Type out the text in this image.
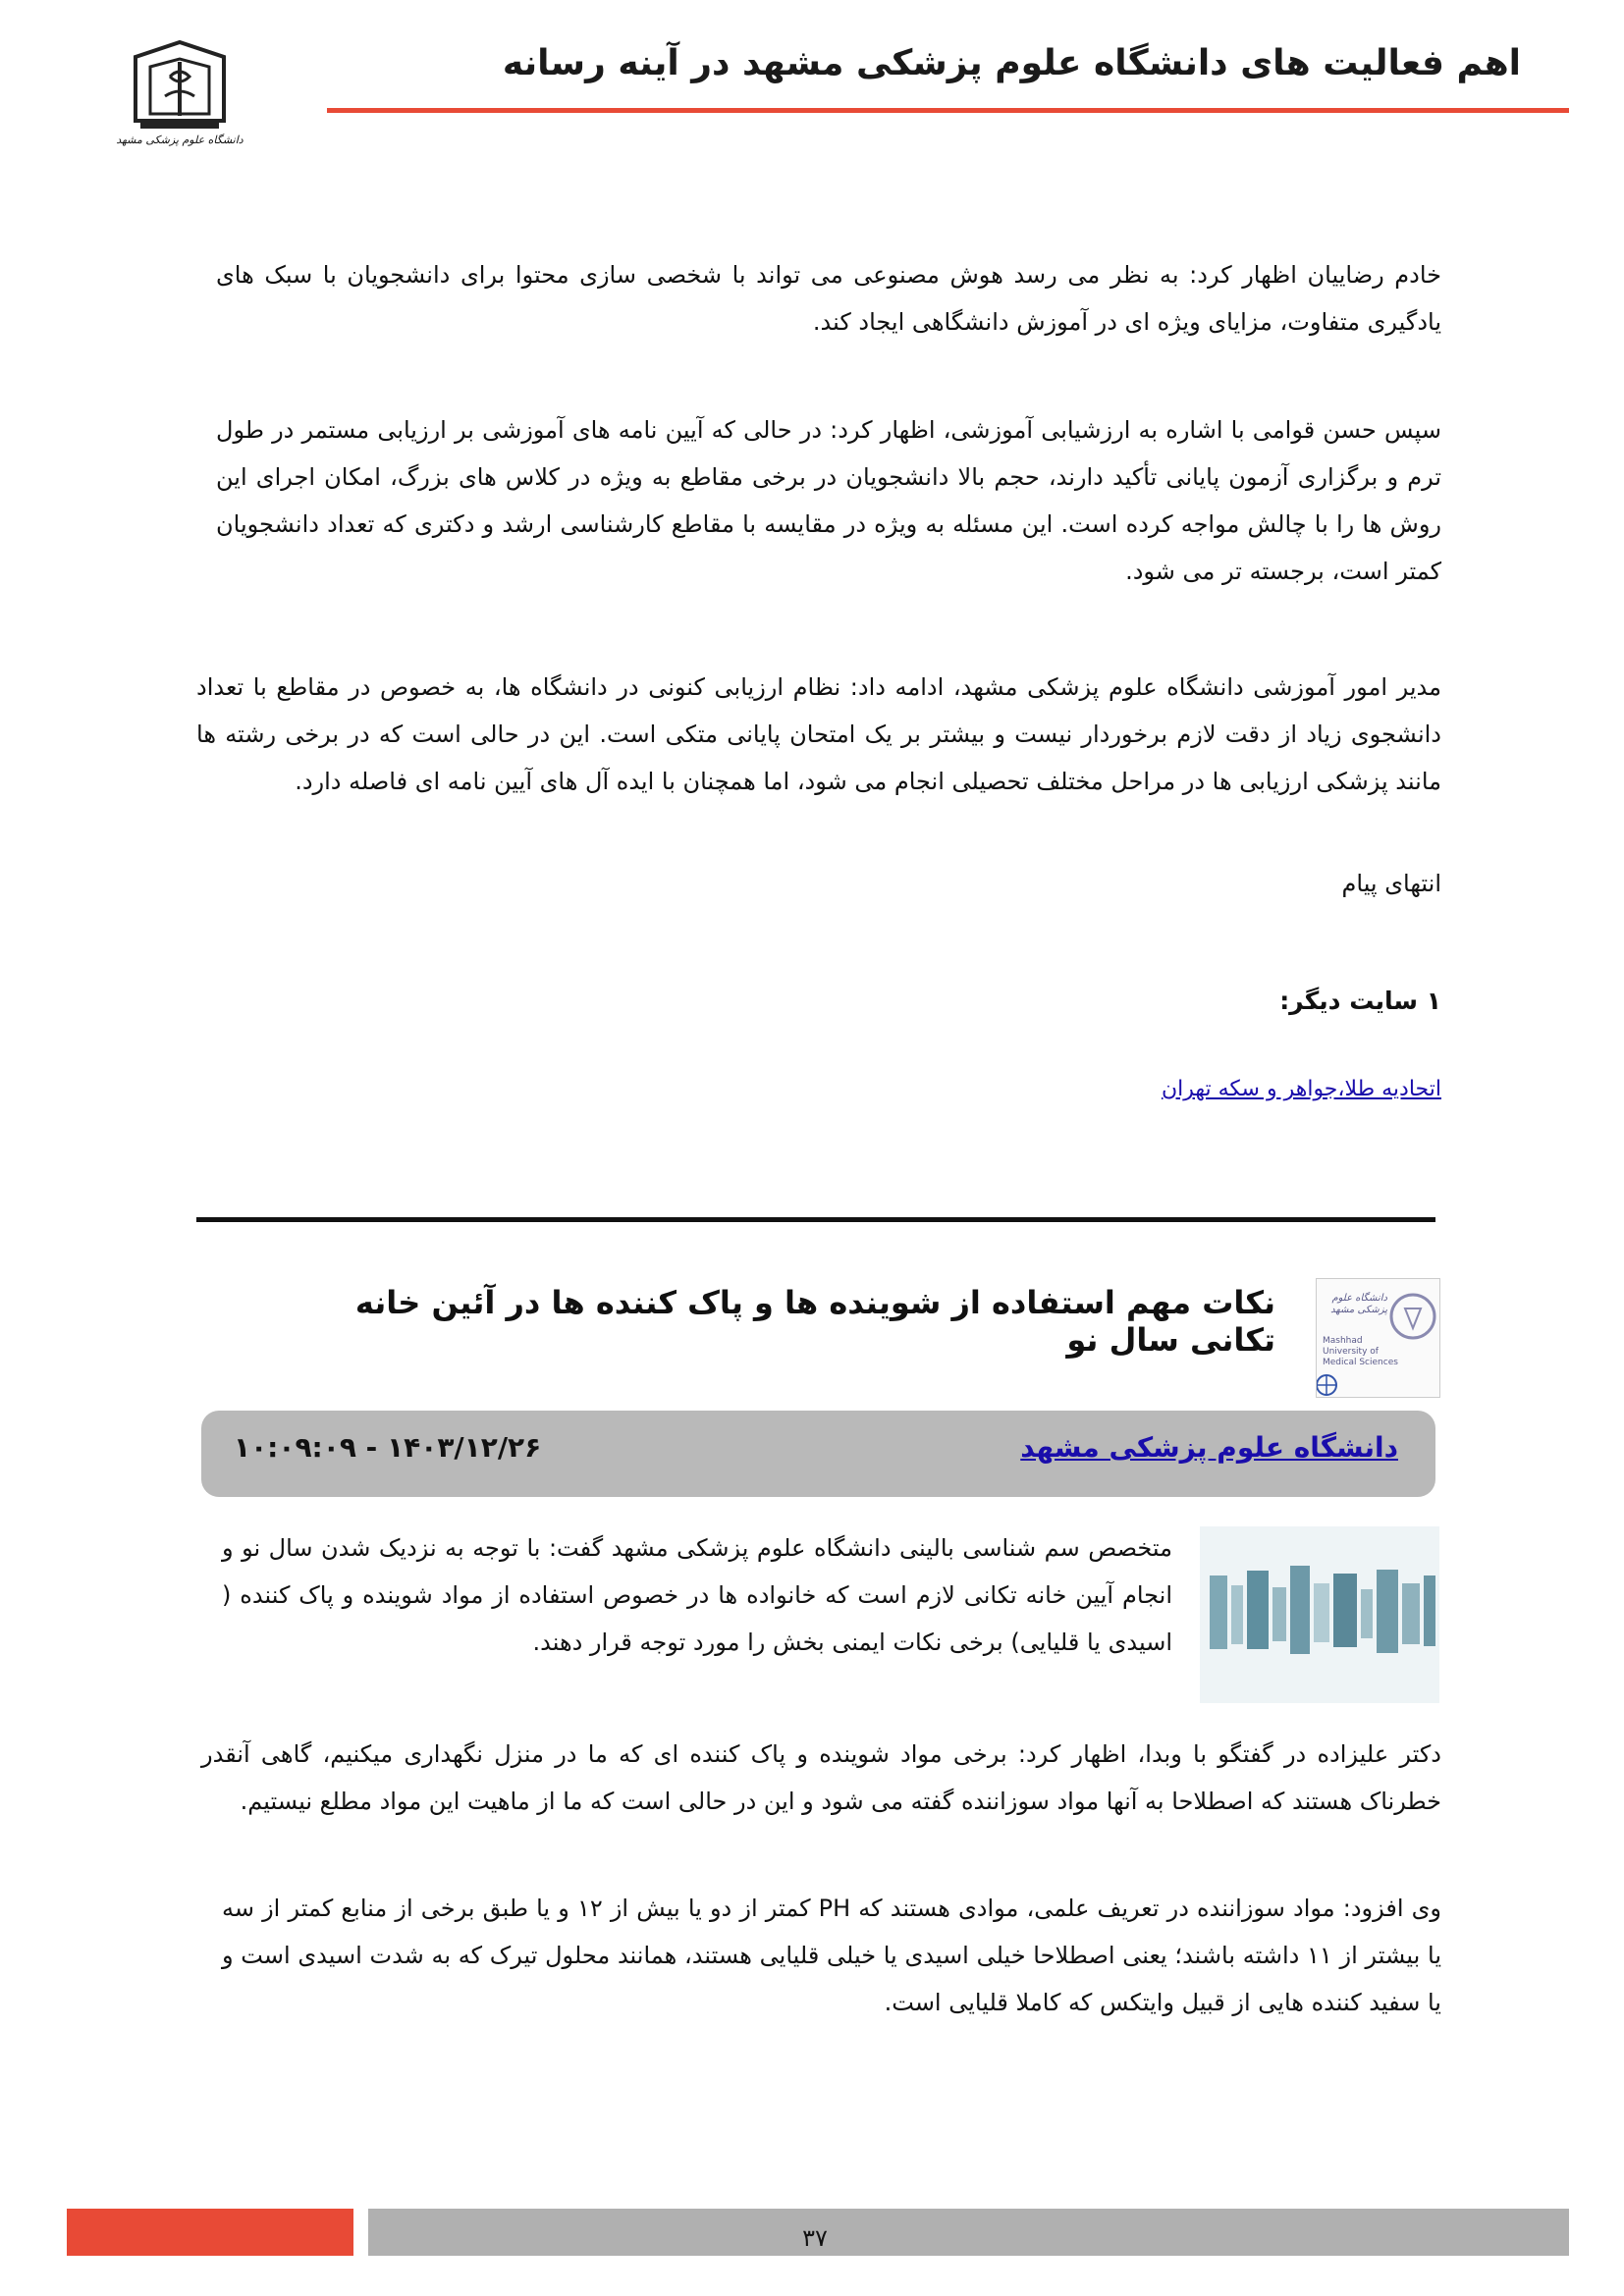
دانشگاه علوم پزشکی مشهد
اهم فعالیت های دانشگاه علوم پزشکی مشهد در آینه رسانه
خادم رضاییان اظهار کرد: به نظر می رسد هوش مصنوعی می تواند با شخصی سازی محتوا برای دانشجویان با سبک های یادگیری متفاوت، مزایای ویژه ای در آموزش دانشگاهی ایجاد کند.
سپس حسن قوامی با اشاره به ارزشیابی آموزشی، اظهار کرد: در حالی که آیین نامه های آموزشی بر ارزیابی مستمر در طول ترم و برگزاری آزمون پایانی تأکید دارند، حجم بالا دانشجویان در برخی مقاطع به ویژه در کلاس های بزرگ، امکان اجرای این روش ها را با چالش مواجه کرده است. این مسئله به ویژه در مقایسه با مقاطع کارشناسی ارشد و دکتری که تعداد دانشجویان کمتر است، برجسته تر می شود.
مدیر امور آموزشی دانشگاه علوم پزشکی مشهد، ادامه داد: نظام ارزیابی کنونی در دانشگاه ها، به خصوص در مقاطع با تعداد دانشجوی زیاد از دقت لازم برخوردار نیست و بیشتر بر یک امتحان پایانی متکی است. این در حالی است که در برخی رشته ها مانند پزشکی ارزیابی ها در مراحل مختلف تحصیلی انجام می شود، اما همچنان با ایده آل های آیین نامه ای فاصله دارد.
انتهای پیام
۱ سایت دیگر:
اتحادیه طلا،جواهر و سکه تهران
دانشگاه علوم پزشکی مشهد
Mashhad University of Medical Sciences
نکات مهم استفاده از شوینده ها و پاک کننده ها در آئین خانه تکانی سال نو
دانشگاه علوم پزشکی مشهد
۱۴۰۳/۱۲/۲۶ - ۱۰:۰۹:۰۹
متخصص سم شناسی بالینی دانشگاه علوم پزشکی مشهد گفت: با توجه به نزدیک شدن سال نو و انجام آیین خانه تکانی لازم است که خانواده ها در خصوص استفاده از مواد شوینده و پاک کننده ( اسیدی یا قلیایی) برخی نکات ایمنی بخش را مورد توجه قرار دهند.
دکتر علیزاده در گفتگو با وبدا، اظهار کرد: برخی مواد شوینده و پاک کننده ای که ما در منزل نگهداری میکنیم، گاهی آنقدر خطرناک هستند که اصطلاحا به آنها مواد سوزاننده گفته می شود و این در حالی است که ما از ماهیت این مواد مطلع نیستیم.
وی افزود: مواد سوزاننده در تعریف علمی، موادی هستند که PH کمتر از دو یا بیش از ۱۲ و یا طبق برخی از منابع کمتر از سه یا بیشتر از ۱۱ داشته باشند؛ یعنی اصطلاحا خیلی اسیدی یا خیلی قلیایی هستند، همانند محلول تیرک که به شدت اسیدی است و یا سفید کننده هایی از قبیل وایتکس که کاملا قلیایی است.
۳۷
